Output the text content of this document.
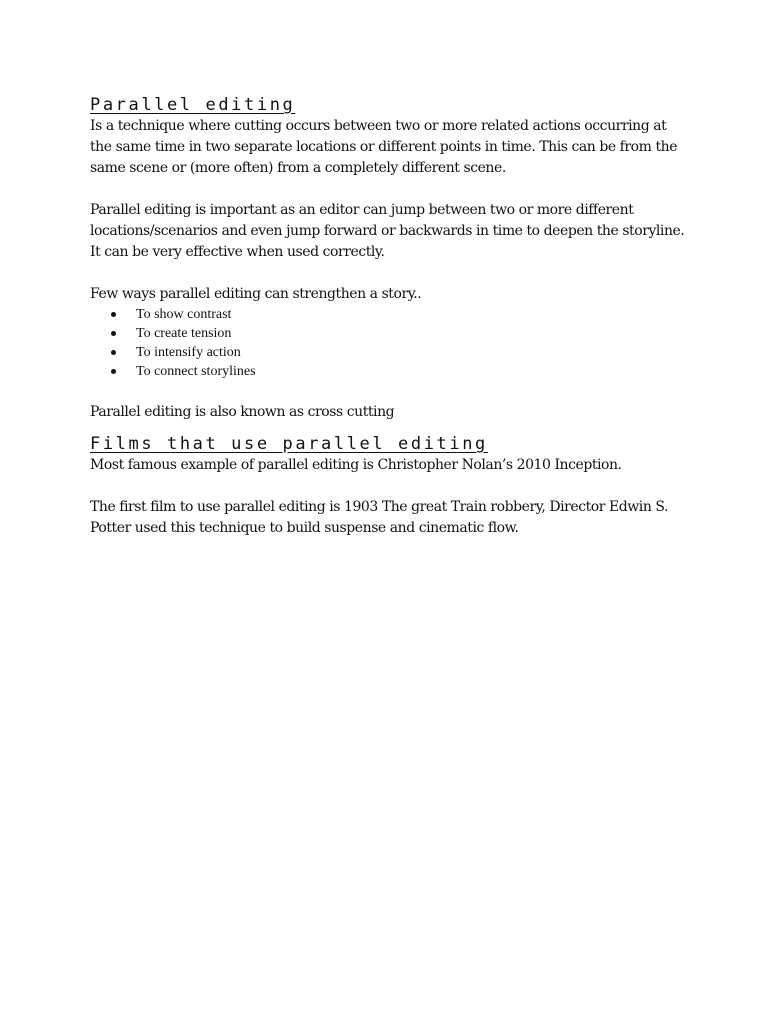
Parallel editing

Is a technique where cutting occurs between two or more related actions occurring at the same time in two separate locations or different points in time. This can be from the same scene or (more often) from a completely different scene.

Parallel editing is important as an editor can jump between two or more different locations/scenarios and even jump forward or backwards in time to deepen the storyline. It can be very effective when used correctly.

Few ways parallel editing can strengthen a story..

To show contrast
To create tension
To intensify action
To connect storylines

Parallel editing is also known as cross cutting

Films that use parallel editing

Most famous example of parallel editing is Christopher Nolan’s 2010 Inception.

The first film to use parallel editing is 1903 The great Train robbery, Director Edwin S. Potter used this technique to build suspense and cinematic flow.
